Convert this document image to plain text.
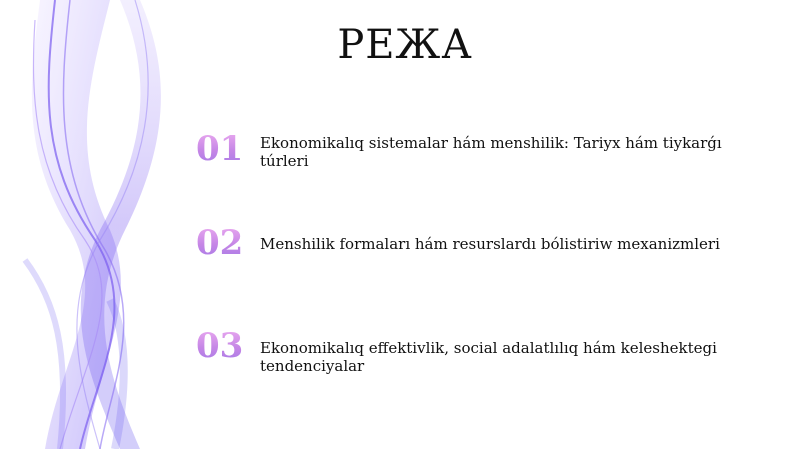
РЕЖА
01	Ekonomikalıq sistemalar hám menshilik: Tariyx hám tiykarǵı túrleri
02	Menshilik formaları hám resurslardı bólistiriw mexanizmleri
03	Ekonomikalıq effektivlik, social adalatlılıq hám keleshektegi tendenciyalar
